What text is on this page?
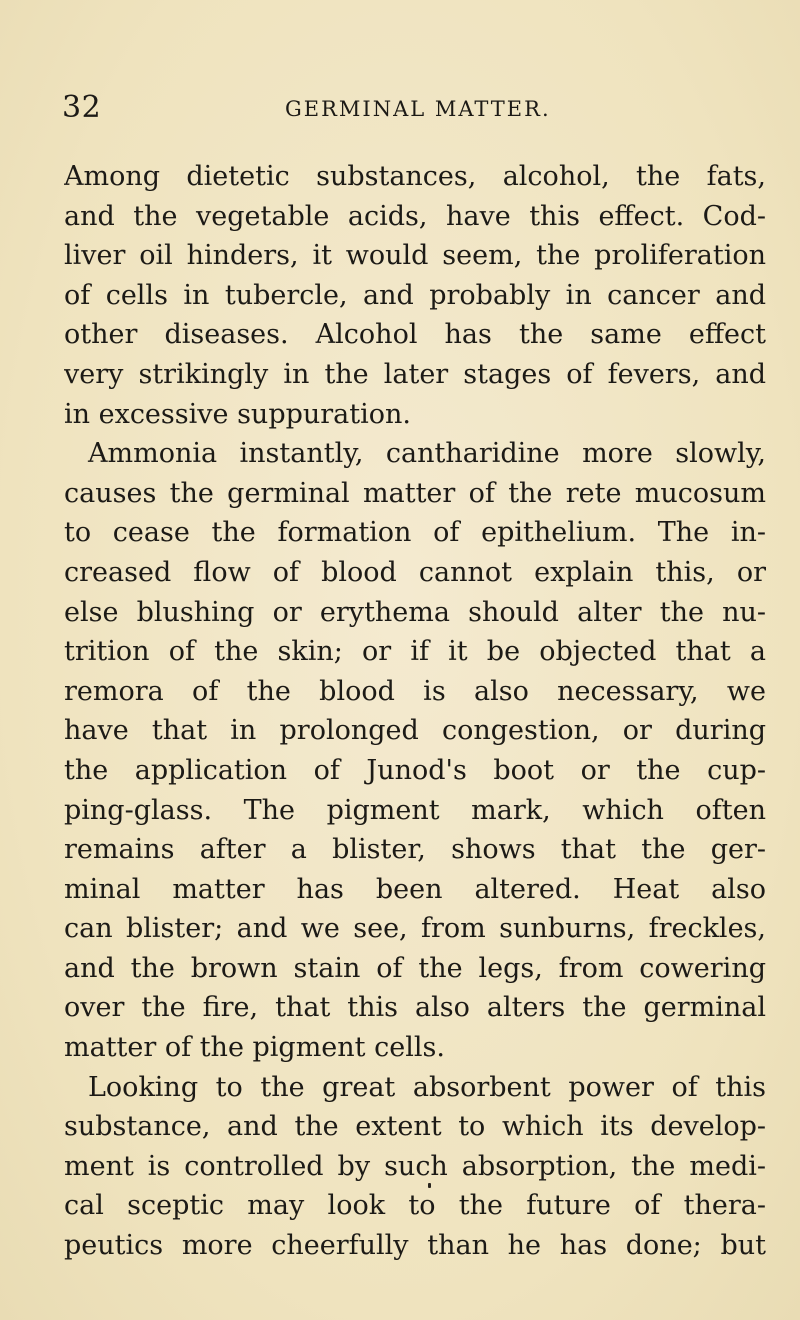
32	GERMINAL MATTER.
Among dietetic substances, alcohol, the fats,
and the vegetable acids, have this effect. Cod-
liver oil hinders, it would seem, the proliferation
of cells in tubercle, and probably in cancer and
other diseases. Alcohol has the same effect
very strikingly in the later stages of fevers, and
in excessive suppuration.
Ammonia instantly, cantharidine more slowly,
causes the germinal matter of the rete mucosum
to cease the formation of epithelium. The in-
creased flow of blood cannot explain this, or
else blushing or erythema should alter the nu-
trition of the skin; or if it be objected that a
remora of the blood is also necessary, we
have that in prolonged congestion, or during
the application of Junod's boot or the cup-
ping-glass. The pigment mark, which often
remains after a blister, shows that the ger-
minal matter has been altered. Heat also
can blister; and we see, from sunburns, freckles,
and the brown stain of the legs, from cowering
over the fire, that this also alters the germinal
matter of the pigment cells.
Looking to the great absorbent power of this
substance, and the extent to which its develop-
ment is controlled by such absorption, the medi-
cal sceptic may look to the future of thera-
peutics more cheerfully than he has done; but
